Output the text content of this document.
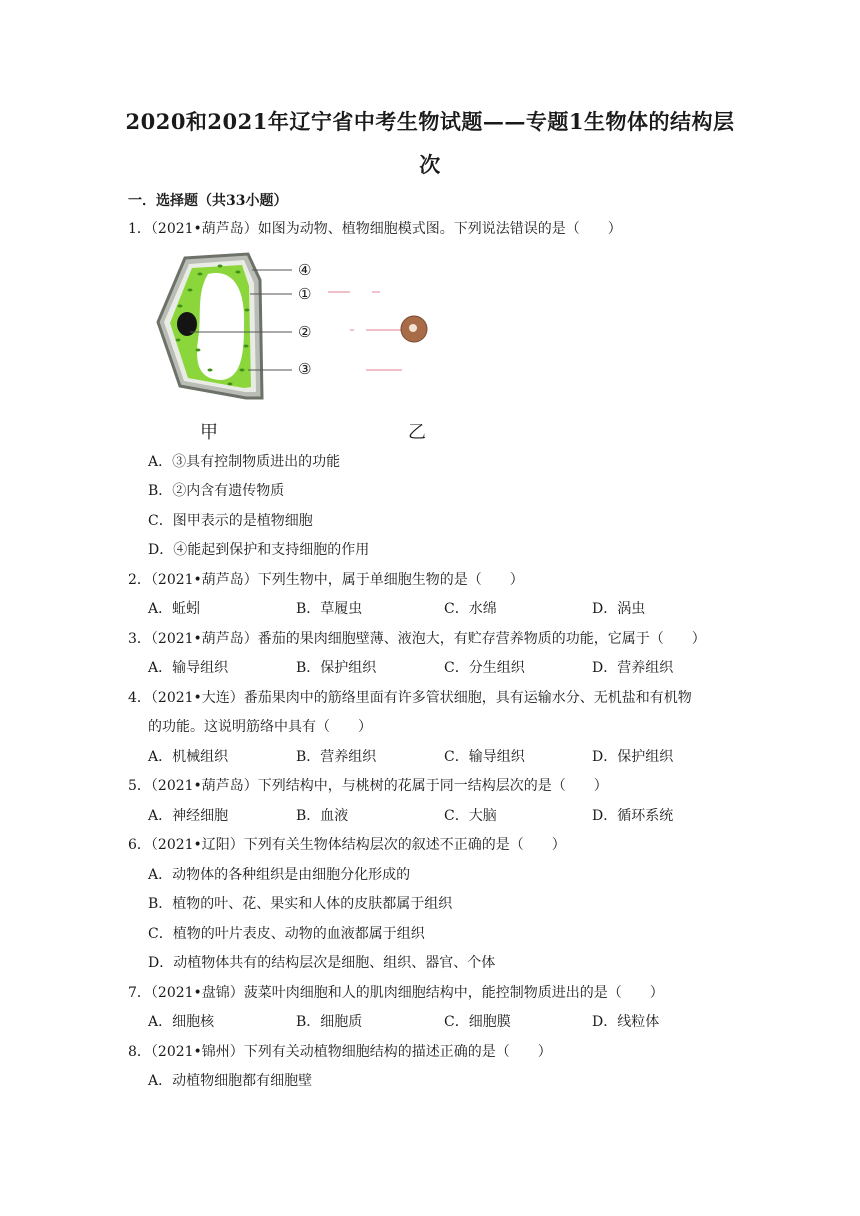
2020和2021年辽宁省中考生物试题——专题1生物体的结构层
次
一．选择题（共33小题）
1．（2021•葫芦岛）如图为动物、植物细胞模式图。下列说法错误的是（　　）
④
①
②
③
甲	乙
A．③具有控制物质进出的功能
B．②内含有遗传物质
C．图甲表示的是植物细胞
D．④能起到保护和支持细胞的作用
2．（2021•葫芦岛）下列生物中，属于单细胞生物的是（　　）
A．蚯蚓	B．草履虫	C．水绵	D．涡虫
3．（2021•葫芦岛）番茄的果肉细胞壁薄、液泡大，有贮存营养物质的功能，它属于（　　）
A．输导组织	B．保护组织	C．分生组织	D．营养组织
4．（2021•大连）番茄果肉中的筋络里面有许多管状细胞，具有运输水分、无机盐和有机物
的功能。这说明筋络中具有（　　）
A．机械组织	B．营养组织	C．输导组织	D．保护组织
5．（2021•葫芦岛）下列结构中，与桃树的花属于同一结构层次的是（　　）
A．神经细胞	B．血液	C．大脑	D．循环系统
6．（2021•辽阳）下列有关生物体结构层次的叙述不正确的是（　　）
A．动物体的各种组织是由细胞分化形成的
B．植物的叶、花、果实和人体的皮肤都属于组织
C．植物的叶片表皮、动物的血液都属于组织
D．动植物体共有的结构层次是细胞、组织、器官、个体
7．（2021•盘锦）菠菜叶肉细胞和人的肌肉细胞结构中，能控制物质进出的是（　　）
A．细胞核	B．细胞质	C．细胞膜	D．线粒体
8．（2021•锦州）下列有关动植物细胞结构的描述正确的是（　　）
A．动植物细胞都有细胞壁
